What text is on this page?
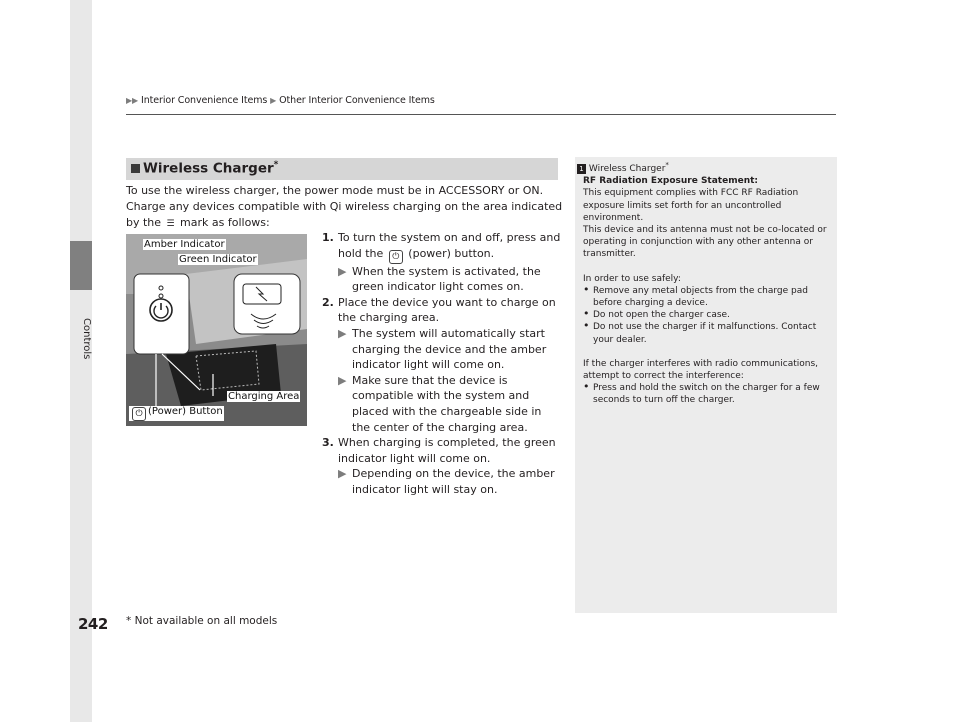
Controls
242
▶▶ Interior Convenience Items ▶ Other Interior Convenience Items
Wireless Charger*
To use the wireless charger, the power mode must be in ACCESSORY or ON. Charge any devices compatible with Qi wireless charging on the area indicated by the ☰ mark as follows:
Amber Indicator
Green Indicator
Charging Area
⏻ (Power) Button
1. To turn the system on and off, press and hold the ⏻ (power) button.
▶ When the system is activated, the green indicator light comes on.
2. Place the device you want to charge on the charging area.
▶ The system will automatically start charging the device and the amber indicator light will come on.
▶ Make sure that the device is compatible with the system and placed with the chargeable side in the center of the charging area.
3. When charging is completed, the green indicator light will come on.
▶ Depending on the device, the amber indicator light will stay on.
1 Wireless Charger*

RF Radiation Exposure Statement:

This equipment complies with FCC RF Radiation exposure limits set forth for an uncontrolled environment.

This device and its antenna must not be co-located or operating in conjunction with any other antenna or transmitter.

In order to use safely:

• Remove any metal objects from the charge pad before charging a device.
• Do not open the charger case.
• Do not use the charger if it malfunctions. Contact your dealer.

If the charger interferes with radio communications, attempt to correct the interference:

• Press and hold the switch on the charger for a few seconds to turn off the charger.
* Not available on all models
